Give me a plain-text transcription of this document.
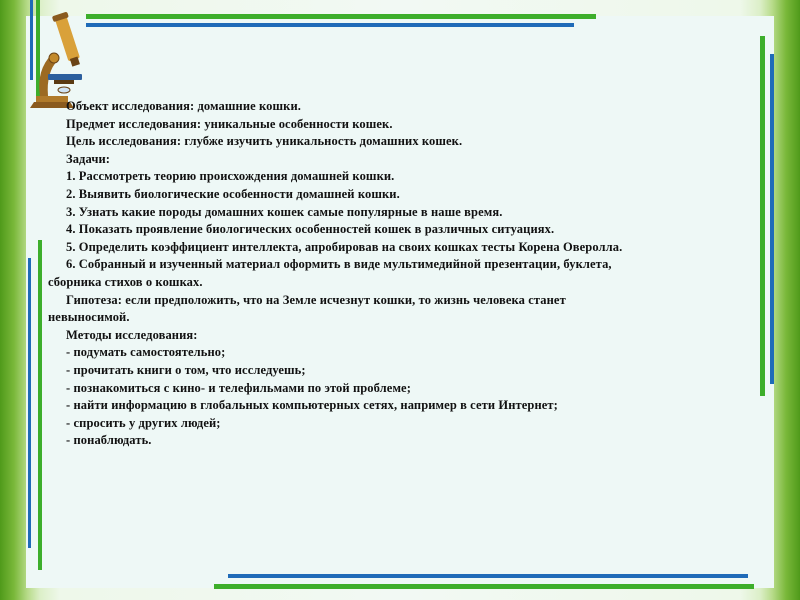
Объект исследования: домашние кошки.
Предмет исследования: уникальные особенности кошек.
Цель исследования: глубже изучить уникальность домашних кошек.
Задачи:
1. Рассмотреть теорию происхождения домашней кошки.
2. Выявить биологические особенности домашней кошки.
3. Узнать какие породы домашних кошек самые популярные в наше время.
4. Показать проявление биологических особенностей кошек в различных ситуациях.
5. Определить коэффициент интеллекта, апробировав на своих кошках тесты Корена Оверолла.
6. Собранный и изученный материал оформить в виде мультимедийной презентации, буклета,
сборника стихов о кошках.
Гипотеза: если предположить, что на Земле исчезнут кошки, то жизнь человека станет
невыносимой.
Методы исследования:
- подумать самостоятельно;
- прочитать книги о том, что исследуешь;
- познакомиться с кино- и телефильмами по этой проблеме;
- найти информацию в глобальных компьютерных сетях, например в сети Интернет;
- спросить у других людей;
- понаблюдать.
